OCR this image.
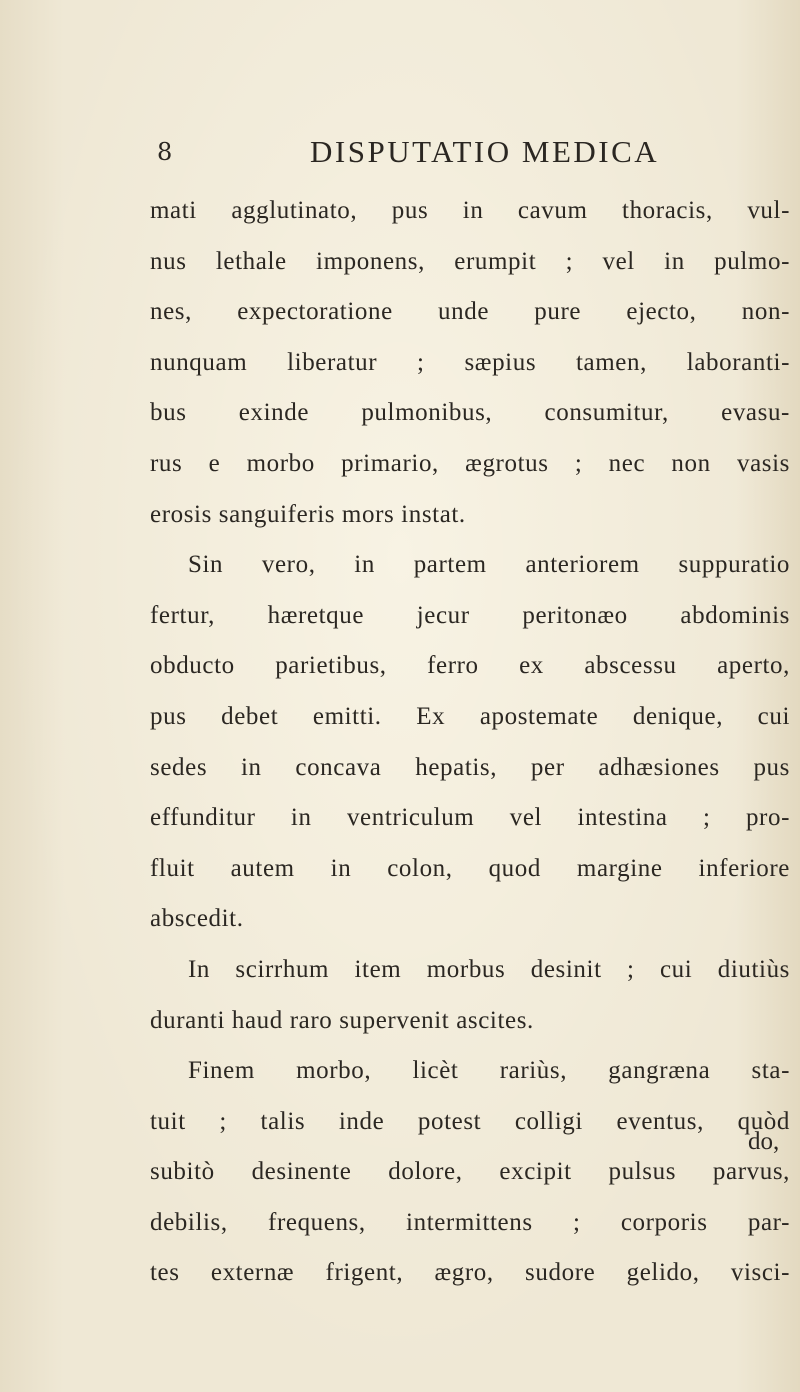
8	DISPUTATIO MEDICA
mati agglutinato, pus in cavum thoracis, vul-
nus lethale imponens, erumpit ; vel in pulmo-
nes, expectoratione unde pure ejecto, non-
nunquam liberatur ; sæpius tamen, laboranti-
bus exinde pulmonibus, consumitur, evasu-
rus e morbo primario, ægrotus ; nec non vasis
erosis sanguiferis mors instat.
Sin vero, in partem anteriorem suppuratio
fertur, hæretque jecur peritonæo abdominis
obducto parietibus, ferro ex abscessu aperto,
pus debet emitti. Ex apostemate denique, cui
sedes in concava hepatis, per adhæsiones pus
effunditur in ventriculum vel intestina ; pro-
fluit autem in colon, quod margine inferiore
abscedit.
In scirrhum item morbus desinit ; cui diutiùs
duranti haud raro supervenit ascites.
Finem morbo, licèt rariùs, gangræna sta-
tuit ; talis inde potest colligi eventus, quòd
subitò desinente dolore, excipit pulsus parvus,
debilis, frequens, intermittens ; corporis par-
tes externæ frigent, ægro, sudore gelido, visci-
do,
